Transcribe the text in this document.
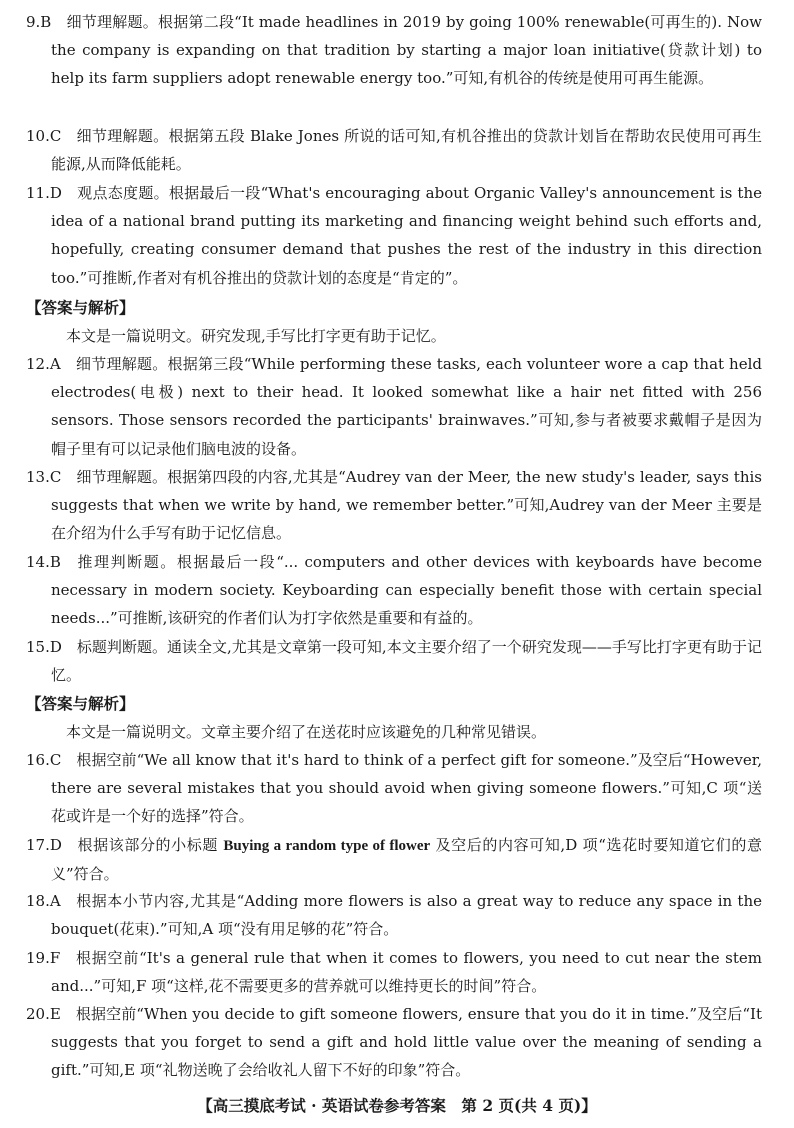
9.B  细节理解题。根据第二段“It made headlines in 2019 by going 100% renewable(可再生的). Now the company is expanding on that tradition by starting a major loan initiative(贷款计划) to help its farm suppliers adopt renewable energy too.”可知,有机谷的传统是使用可再生能源。
10.C  细节理解题。根据第五段 Blake Jones 所说的话可知,有机谷推出的贷款计划旨在帮助农民使用可再生能源,从而降低能耗。
11.D  观点态度题。根据最后一段“What's encouraging about Organic Valley's announcement is the idea of a national brand putting its marketing and financing weight behind such efforts and, hopefully, creating consumer demand that pushes the rest of the industry in this direction too.”可推断,作者对有机谷推出的贷款计划的态度是“肯定的”。
【答案与解析】
本文是一篇说明文。研究发现,手写比打字更有助于记忆。
12.A  细节理解题。根据第三段“While performing these tasks, each volunteer wore a cap that held electrodes(电极) next to their head. It looked somewhat like a hair net fitted with 256 sensors. Those sensors recorded the participants' brainwaves.”可知,参与者被要求戴帽子是因为帽子里有可以记录他们脑电波的设备。
13.C  细节理解题。根据第四段的内容,尤其是“Audrey van der Meer, the new study's leader, says this suggests that when we write by hand, we remember better.”可知,Audrey van der Meer 主要是在介绍为什么手写有助于记忆信息。
14.B  推理判断题。根据最后一段“... computers and other devices with keyboards have become necessary in modern society. Keyboarding can especially benefit those with certain special needs...”可推断,该研究的作者们认为打字依然是重要和有益的。
15.D  标题判断题。通读全文,尤其是文章第一段可知,本文主要介绍了一个研究发现——手写比打字更有助于记忆。
【答案与解析】
本文是一篇说明文。文章主要介绍了在送花时应该避免的几种常见错误。
16.C  根据空前“We all know that it's hard to think of a perfect gift for someone.”及空后“However, there are several mistakes that you should avoid when giving someone flowers.”可知,C 项“送花或许是一个好的选择”符合。
17.D  根据该部分的小标题 Buying a random type of flower 及空后的内容可知,D 项“选花时要知道它们的意义”符合。
18.A  根据本小节内容,尤其是“Adding more flowers is also a great way to reduce any space in the bouquet(花束).”可知,A 项“没有用足够的花”符合。
19.F  根据空前“It's a general rule that when it comes to flowers, you need to cut near the stem and...”可知,F 项“这样,花不需要更多的营养就可以维持更长的时间”符合。
20.E  根据空前“When you decide to gift someone flowers, ensure that you do it in time.”及空后“It suggests that you forget to send a gift and hold little value over the meaning of sending a gift.”可知,E 项“礼物送晚了会给收礼人留下不好的印象”符合。
【高三摸底考试 · 英语试卷参考答案　第 2 页(共 4 页)】
